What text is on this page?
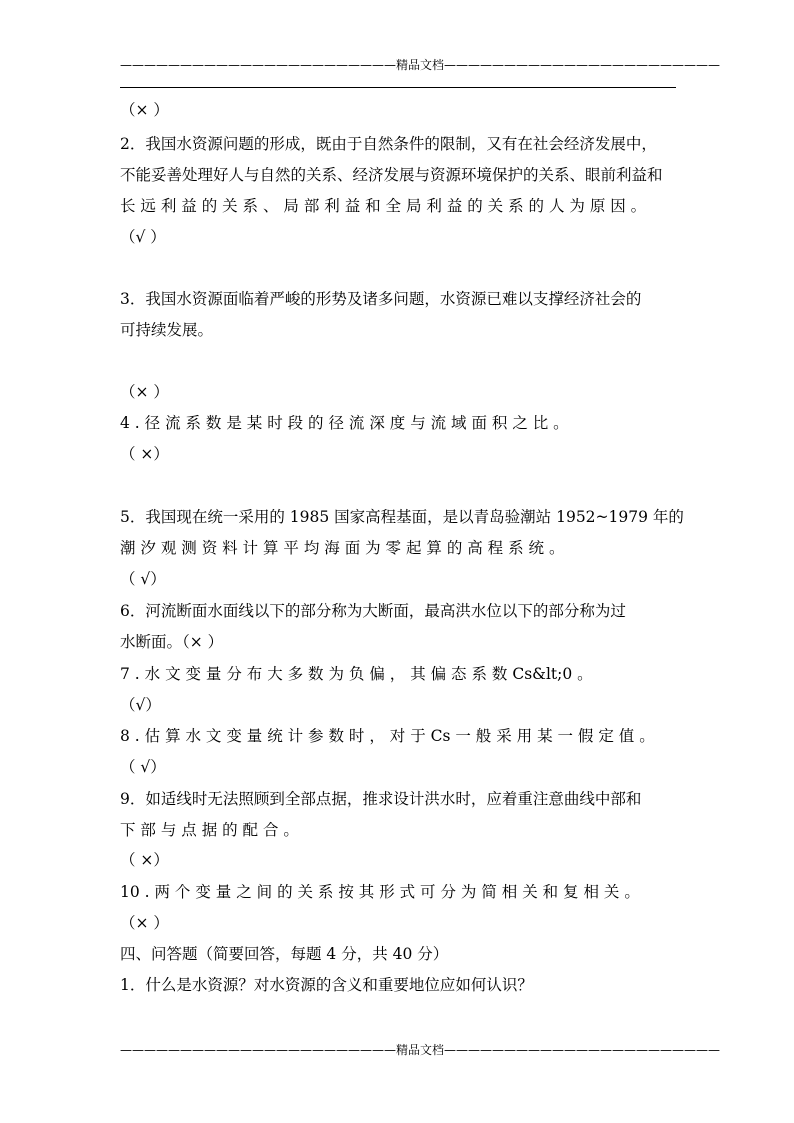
———————————————————————精品文档———————————————————————
（× ）
2．我国水资源问题的形成，既由于自然条件的限制，又有在社会经济发展中，
不能妥善处理好人与自然的关系、经济发展与资源环境保护的关系、眼前利益和
长 远 利 益 的 关 系 、 局 部 利 益 和 全 局 利 益 的 关 系 的 人 为 原 因 。
（√ ）
3．我国水资源面临着严峻的形势及诸多问题，水资源已难以支撑经济社会的
可持续发展。
（× ）
4 . 径 流 系 数 是 某 时 段 的 径 流 深 度 与 流 域 面 积 之 比 。
（ ×）
5．我国现在统一采用的 1985 国家高程基面，是以青岛验潮站 1952~1979 年的
潮 汐 观 测 资 料 计 算 平 均 海 面 为 零 起 算 的 高 程 系 统 。
（ √）
6．河流断面水面线以下的部分称为大断面，最高洪水位以下的部分称为过
水断面。（× ）
7 . 水 文 变 量 分 布 大 多 数 为 负 偏 ， 其 偏 态 系 数 Cs&lt;0 。
（√）
8 . 估 算 水 文 变 量 统 计 参 数 时 ， 对 于 Cs 一 般 采 用 某 一 假 定 值 。
（ √）
9．如适线时无法照顾到全部点据，推求设计洪水时，应着重注意曲线中部和
下 部 与 点 据 的 配 合 。
（ ×）
10 . 两 个 变 量 之 间 的 关 系 按 其 形 式 可 分 为 简 相 关 和 复 相 关 。
（× ）
四、问答题（简要回答，每题 4 分，共 40 分）
1．什么是水资源？对水资源的含义和重要地位应如何认识？
———————————————————————精品文档———————————————————————
